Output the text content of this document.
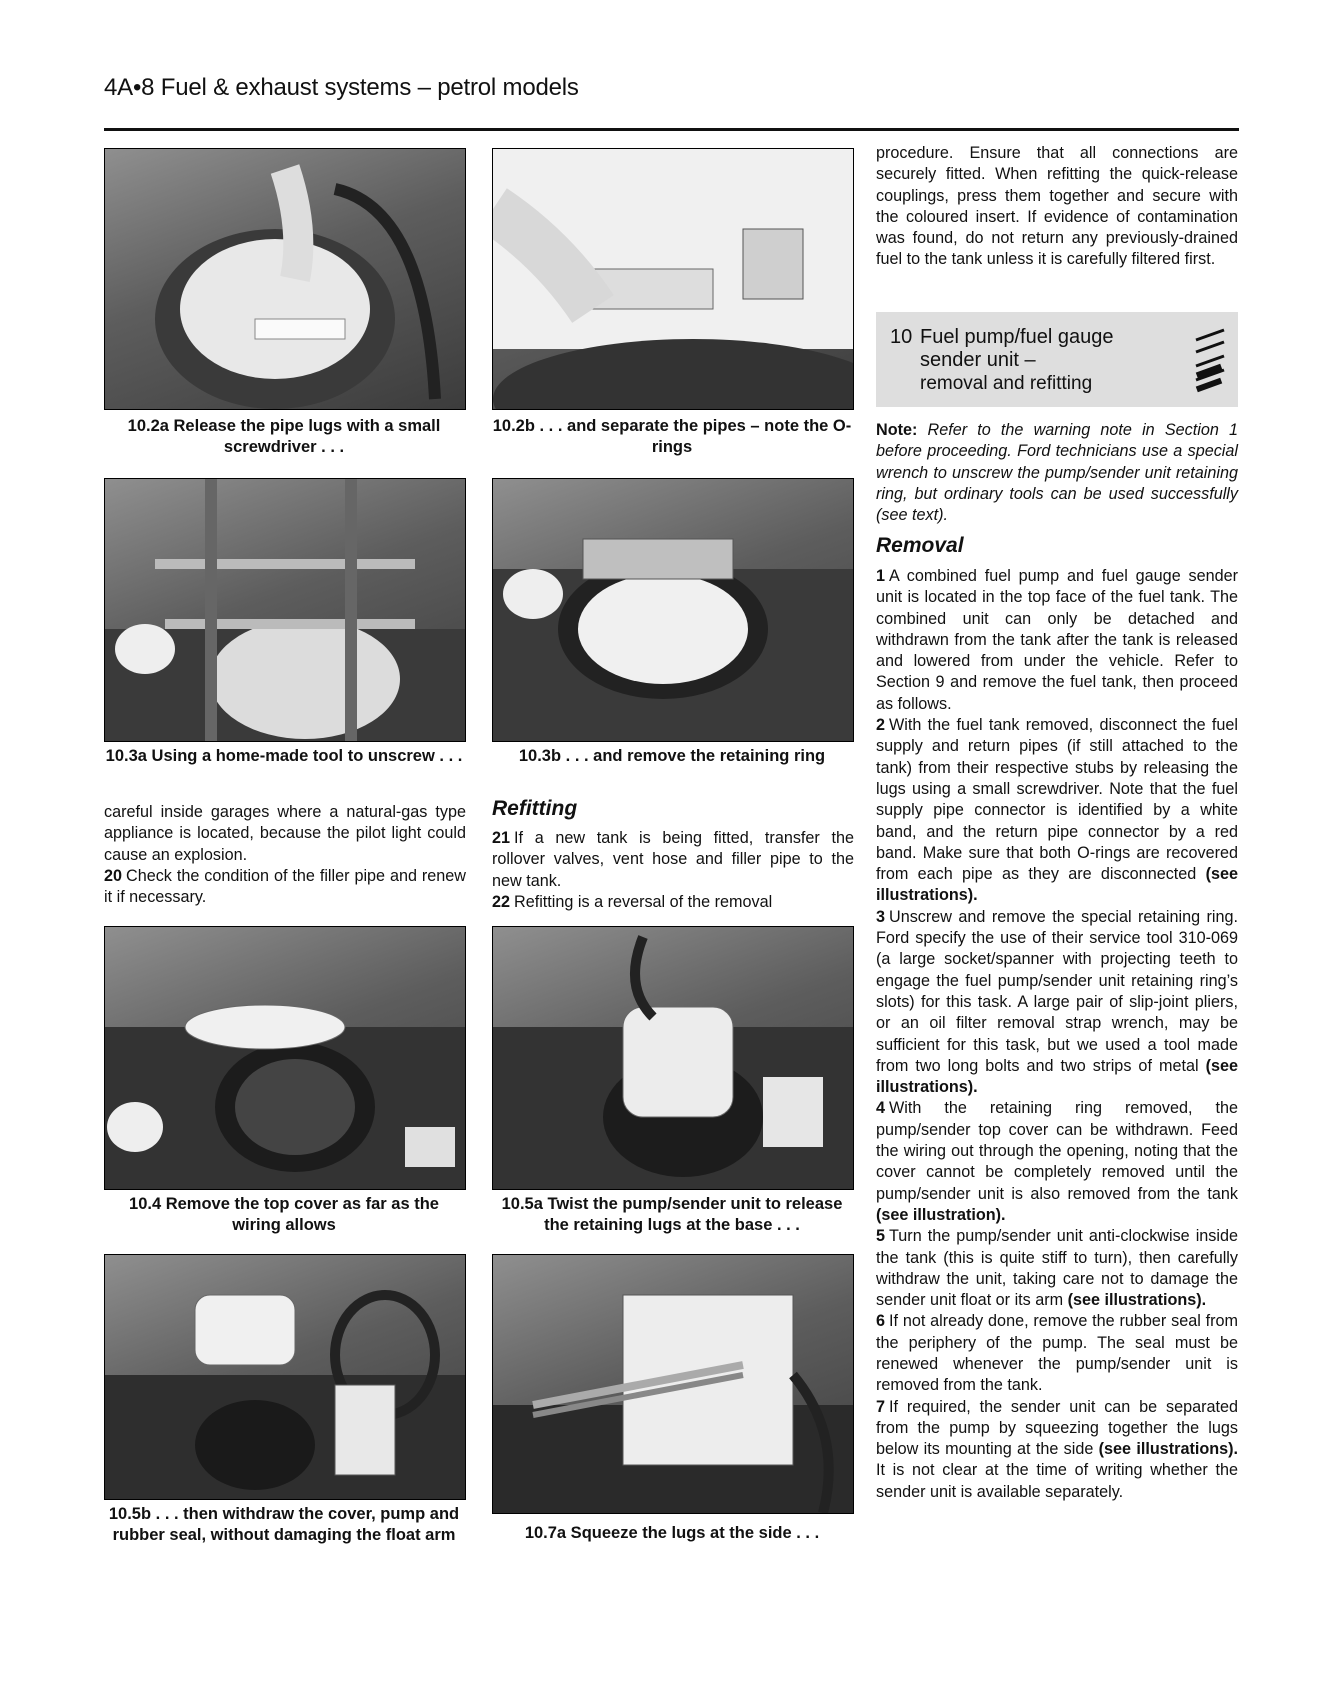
4A•8 Fuel & exhaust systems – petrol models
10.2a Release the pipe lugs with a small screwdriver . . .
10.2b . . . and separate the pipes – note the O-rings
10.3a Using a home-made tool to unscrew . . .	10.3b . . . and remove the retaining ring

careful inside garages where a natural-gas type appliance is located, because the pilot light could cause an explosion.

20 Check the condition of the filler pipe and renew it if necessary.

Refitting

21 If a new tank is being fitted, transfer the rollover valves, vent hose and filler pipe to the new tank.

22 Refitting is a reversal of the removal

10.4 Remove the top cover as far as the wiring allows
10.5a Twist the pump/sender unit to release the retaining lugs at the base . . .
10.5b . . . then withdraw the cover, pump and rubber seal, without damaging the float arm	10.7a Squeeze the lugs at the side . . .

procedure. Ensure that all connections are securely fitted. When refitting the quick-release couplings, press them together and secure with the coloured insert. If evidence of contamination was found, do not return any previously-drained fuel to the tank unless it is carefully filtered first.

10 Fuel pump/fuel gauge
sender unit –
removal and refitting
Note: Refer to the warning note in Section 1 before proceeding. Ford technicians use a special wrench to unscrew the pump/sender unit retaining ring, but ordinary tools can be used successfully (see text).
Removal

1 A combined fuel pump and fuel gauge sender unit is located in the top face of the fuel tank. The combined unit can only be detached and withdrawn from the tank after the tank is released and lowered from under the vehicle. Refer to Section 9 and remove the fuel tank, then proceed as follows.

2 With the fuel tank removed, disconnect the fuel supply and return pipes (if still attached to the tank) from their respective stubs by releasing the lugs using a small screwdriver. Note that the fuel supply pipe connector is identified by a white band, and the return pipe connector by a red band. Make sure that both O-rings are recovered from each pipe as they are disconnected (see illustrations).

3 Unscrew and remove the special retaining ring. Ford specify the use of their service tool 310-069 (a large socket/spanner with projecting teeth to engage the fuel pump/sender unit retaining ring’s slots) for this task. A large pair of slip-joint pliers, or an oil filter removal strap wrench, may be sufficient for this task, but we used a tool made from two long bolts and two strips of metal (see illustrations).

4 With the retaining ring removed, the pump/sender top cover can be withdrawn. Feed the wiring out through the opening, noting that the cover cannot be completely removed until the pump/sender unit is also removed from the tank (see illustration).

5 Turn the pump/sender unit anti-clockwise inside the tank (this is quite stiff to turn), then carefully withdraw the unit, taking care not to damage the sender unit float or its arm (see illustrations).

6 If not already done, remove the rubber seal from the periphery of the pump. The seal must be renewed whenever the pump/sender unit is removed from the tank.

7 If required, the sender unit can be separated from the pump by squeezing together the lugs below its mounting at the side (see illustrations). It is not clear at the time of writing whether the sender unit is available separately.
